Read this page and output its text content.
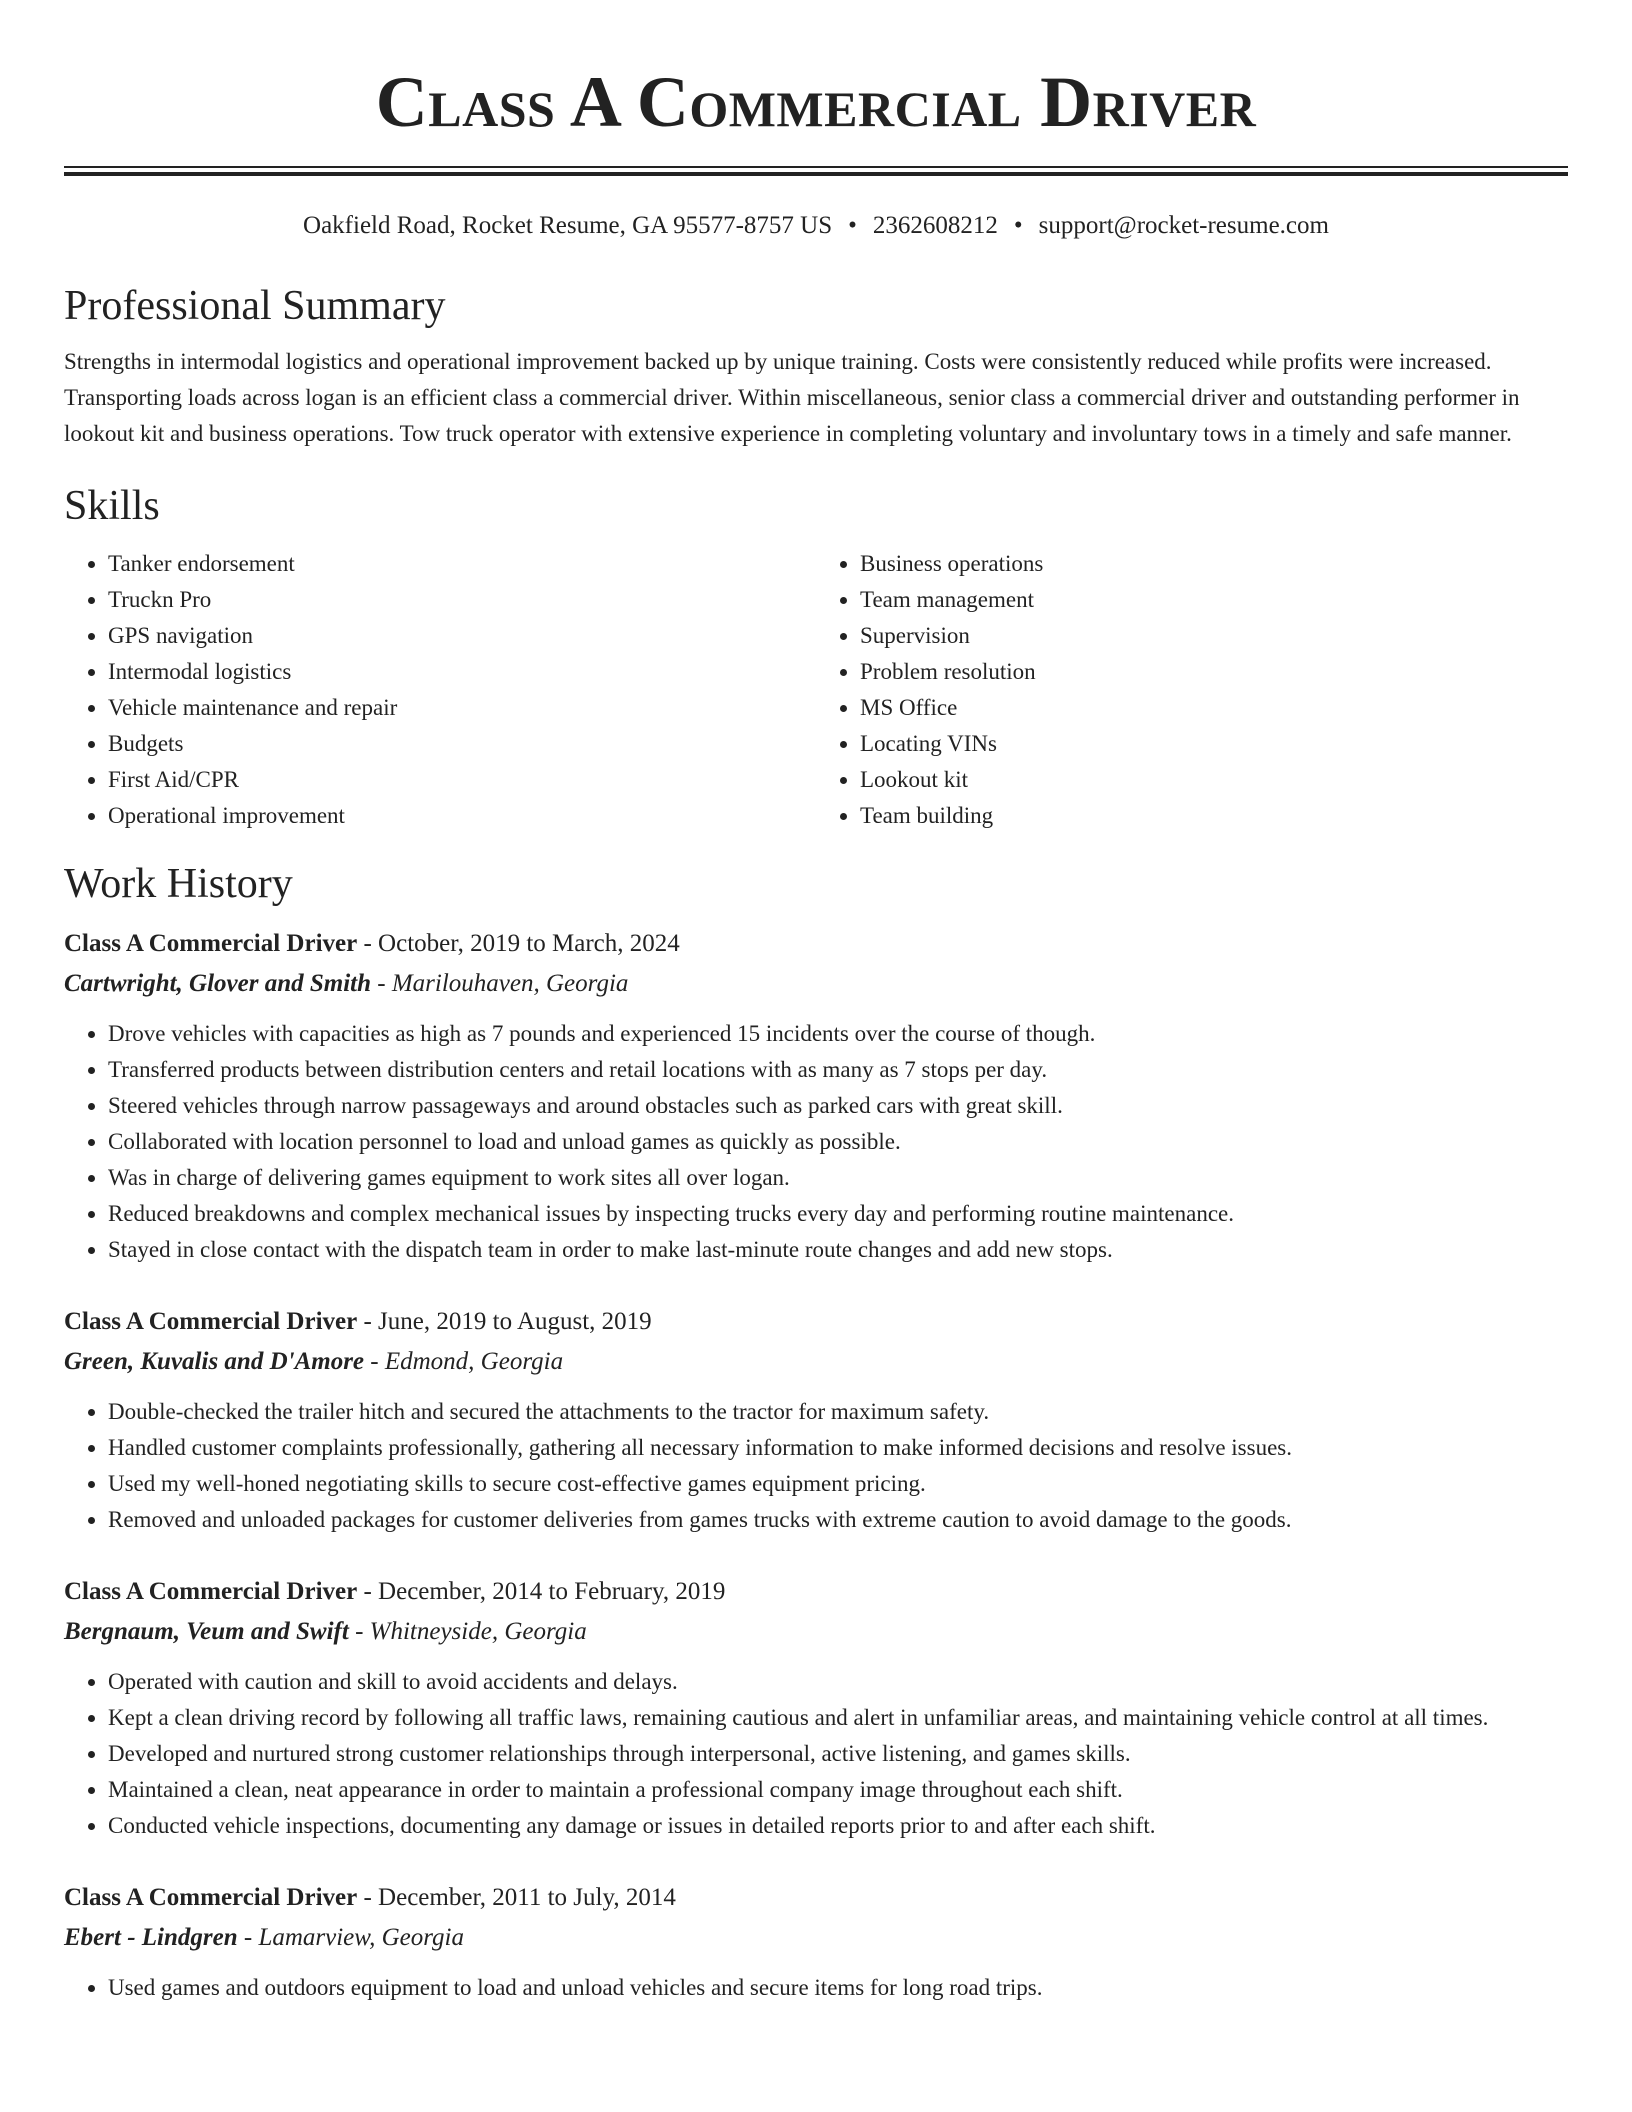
Class A Commercial Driver
Oakfield Road, Rocket Resume, GA 95577-8757 US • 2362608212 • support@rocket-resume.com
Professional Summary

Strengths in intermodal logistics and operational improvement backed up by unique training. Costs were consistently reduced while profits were increased. Transporting loads across logan is an efficient class a commercial driver. Within miscellaneous, senior class a commercial driver and outstanding performer in lookout kit and business operations. Tow truck operator with extensive experience in completing voluntary and involuntary tows in a timely and safe manner.

Skills
• Tanker endorsement
• Truckn Pro
• GPS navigation
• Intermodal logistics
• Vehicle maintenance and repair
• Budgets
• First Aid/CPR
• Operational improvement
• Business operations
• Team management
• Supervision
• Problem resolution
• MS Office
• Locating VINs
• Lookout kit
• Team building
Work History
Class A Commercial Driver - October, 2019 to March, 2024
Cartwright, Glover and Smith - Marilouhaven, Georgia
• Drove vehicles with capacities as high as 7 pounds and experienced 15 incidents over the course of though.
• Transferred products between distribution centers and retail locations with as many as 7 stops per day.
• Steered vehicles through narrow passageways and around obstacles such as parked cars with great skill.
• Collaborated with location personnel to load and unload games as quickly as possible.
• Was in charge of delivering games equipment to work sites all over logan.
• Reduced breakdowns and complex mechanical issues by inspecting trucks every day and performing routine maintenance.
• Stayed in close contact with the dispatch team in order to make last-minute route changes and add new stops.
Class A Commercial Driver - June, 2019 to August, 2019
Green, Kuvalis and D'Amore - Edmond, Georgia
• Double-checked the trailer hitch and secured the attachments to the tractor for maximum safety.
• Handled customer complaints professionally, gathering all necessary information to make informed decisions and resolve issues.
• Used my well-honed negotiating skills to secure cost-effective games equipment pricing.
• Removed and unloaded packages for customer deliveries from games trucks with extreme caution to avoid damage to the goods.
Class A Commercial Driver - December, 2014 to February, 2019
Bergnaum, Veum and Swift - Whitneyside, Georgia
• Operated with caution and skill to avoid accidents and delays.
• Kept a clean driving record by following all traffic laws, remaining cautious and alert in unfamiliar areas, and maintaining vehicle control at all times.
• Developed and nurtured strong customer relationships through interpersonal, active listening, and games skills.
• Maintained a clean, neat appearance in order to maintain a professional company image throughout each shift.
• Conducted vehicle inspections, documenting any damage or issues in detailed reports prior to and after each shift.
Class A Commercial Driver - December, 2011 to July, 2014
Ebert - Lindgren - Lamarview, Georgia
• Used games and outdoors equipment to load and unload vehicles and secure items for long road trips.
